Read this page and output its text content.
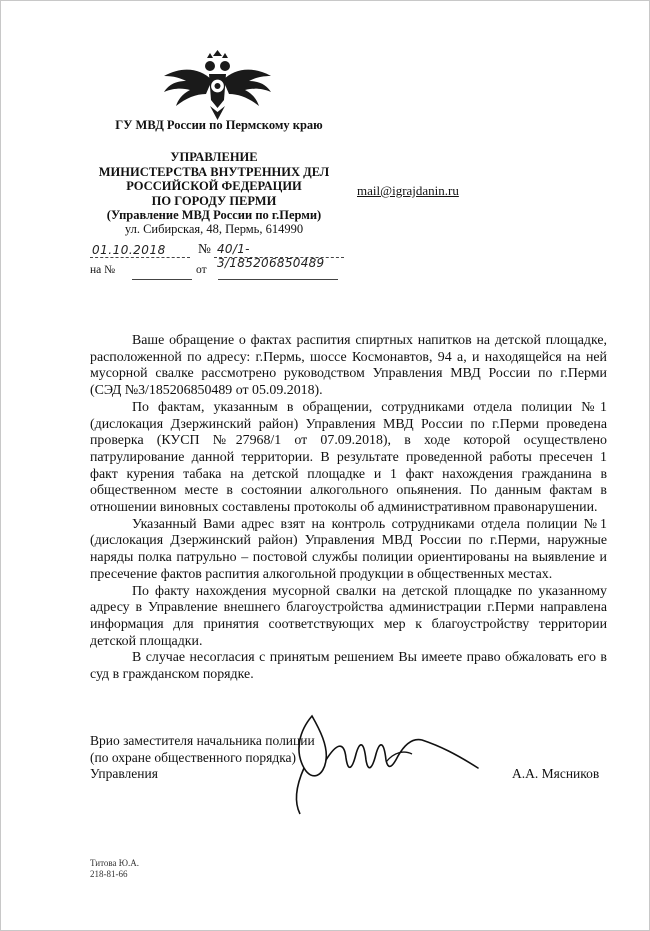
ГУ МВД России по Пермскому краю
УПРАВЛЕНИЕ
МИНИСТЕРСТВА ВНУТРЕННИХ ДЕЛ
РОССИЙСКОЙ ФЕДЕРАЦИИ
ПО ГОРОДУ ПЕРМИ
(Управление МВД России по г.Перми)
ул. Сибирская, 48, Пермь, 614990
mail@igrajdanin.ru
01.10.2018 № 40/1-3/185206850489
на №	от

Ваше обращение о фактах распития спиртных напитков на детской площадке, расположенной по адресу: г.Пермь, шоссе Космонавтов, 94 а, и находящейся на ней мусорной свалке рассмотрено руководством Управления МВД России по г.Перми (СЭД №3/185206850489 от 05.09.2018).

По фактам, указанным в обращении, сотрудниками отдела полиции №1 (дислокация Дзержинский район) Управления МВД России по г.Перми проведена проверка (КУСП №27968/1 от 07.09.2018), в ходе которой осуществлено патрулирование данной территории. В результате проведенной работы пресечен 1 факт курения табака на детской площадке и 1 факт нахождения гражданина в общественном месте в состоянии алкогольного опьянения. По данным фактам в отношении виновных составлены протоколы об административном правонарушении.

Указанный Вами адрес взят на контроль сотрудниками отдела полиции №1 (дислокация Дзержинский район) Управления МВД России по г.Перми, наружные наряды полка патрульно – постовой службы полиции ориентированы на выявление и пресечение фактов распития алкогольной продукции в общественных местах.

По факту нахождения мусорной свалки на детской площадке по указанному адресу в Управление внешнего благоустройства администрации г.Перми направлена информация для принятия соответствующих мер к благоустройству территории детской площадки.

В случае несогласия с принятым решением Вы имеете право обжаловать его в суд в гражданском порядке.

Врио заместителя начальника полиции
(по охране общественного порядка)
Управления	А.А. Мясников
Титова Ю.А.
218-81-66
